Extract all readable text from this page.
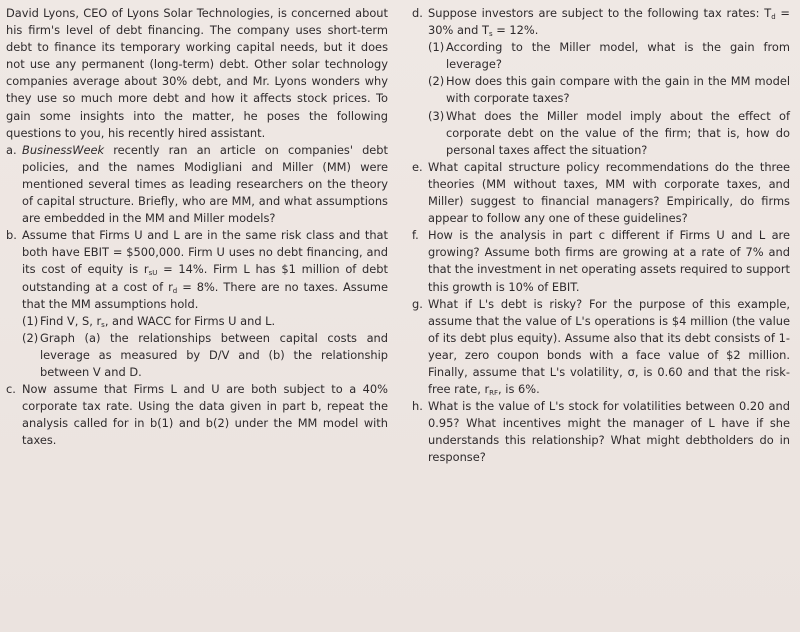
David Lyons, CEO of Lyons Solar Technologies, is concerned about his firm's level of debt financing. The company uses short-term debt to finance its temporary working capital needs, but it does not use any permanent (long-term) debt. Other solar technology companies average about 30% debt, and Mr. Lyons wonders why they use so much more debt and how it affects stock prices. To gain some insights into the matter, he poses the following questions to you, his recently hired assistant.

a. BusinessWeek recently ran an article on companies' debt policies, and the names Modigliani and Miller (MM) were mentioned several times as leading researchers on the theory of capital structure. Briefly, who are MM, and what assumptions are embedded in the MM and Miller models?
b. Assume that Firms U and L are in the same risk class and that both have EBIT = $500,000. Firm U uses no debt financing, and its cost of equity is $r_{sU} = 14\%$. Firm L has $1 million of debt outstanding at a cost of $r_d = 8\%$. There are no taxes. Assume that the MM assumptions hold.
(1) Find V, S, $r_s$, and WACC for Firms U and L.
(2) Graph (a) the relationships between capital costs and leverage as measured by D/V and (b) the relationship between V and D.
c. Now assume that Firms L and U are both subject to a 40% corporate tax rate. Using the data given in part b, repeat the analysis called for in b(1) and b(2) under the MM model with taxes.
d. Suppose investors are subject to the following tax rates: $T_d = 30\%$ and $T_s = 12\%$.
(1) According to the Miller model, what is the gain from leverage?
(2) How does this gain compare with the gain in the MM model with corporate taxes?
(3) What does the Miller model imply about the effect of corporate debt on the value of the firm; that is, how do personal taxes affect the situation?
e. What capital structure policy recommendations do the three theories (MM without taxes, MM with corporate taxes, and Miller) suggest to financial managers? Empirically, do firms appear to follow any one of these guidelines?
f. How is the analysis in part c different if Firms U and L are growing? Assume both firms are growing at a rate of 7% and that the investment in net operating assets required to support this growth is 10% of EBIT.
g. What if L's debt is risky? For the purpose of this example, assume that the value of L's operations is $4 million (the value of its debt plus equity). Assume also that its debt consists of 1-year, zero coupon bonds with a face value of $2 million. Finally, assume that L's volatility, σ, is 0.60 and that the risk-free rate, $r_{RF}$, is 6%.
h. What is the value of L's stock for volatilities between 0.20 and 0.95? What incentives might the manager of L have if she understands this relationship? What might debtholders do in response?
